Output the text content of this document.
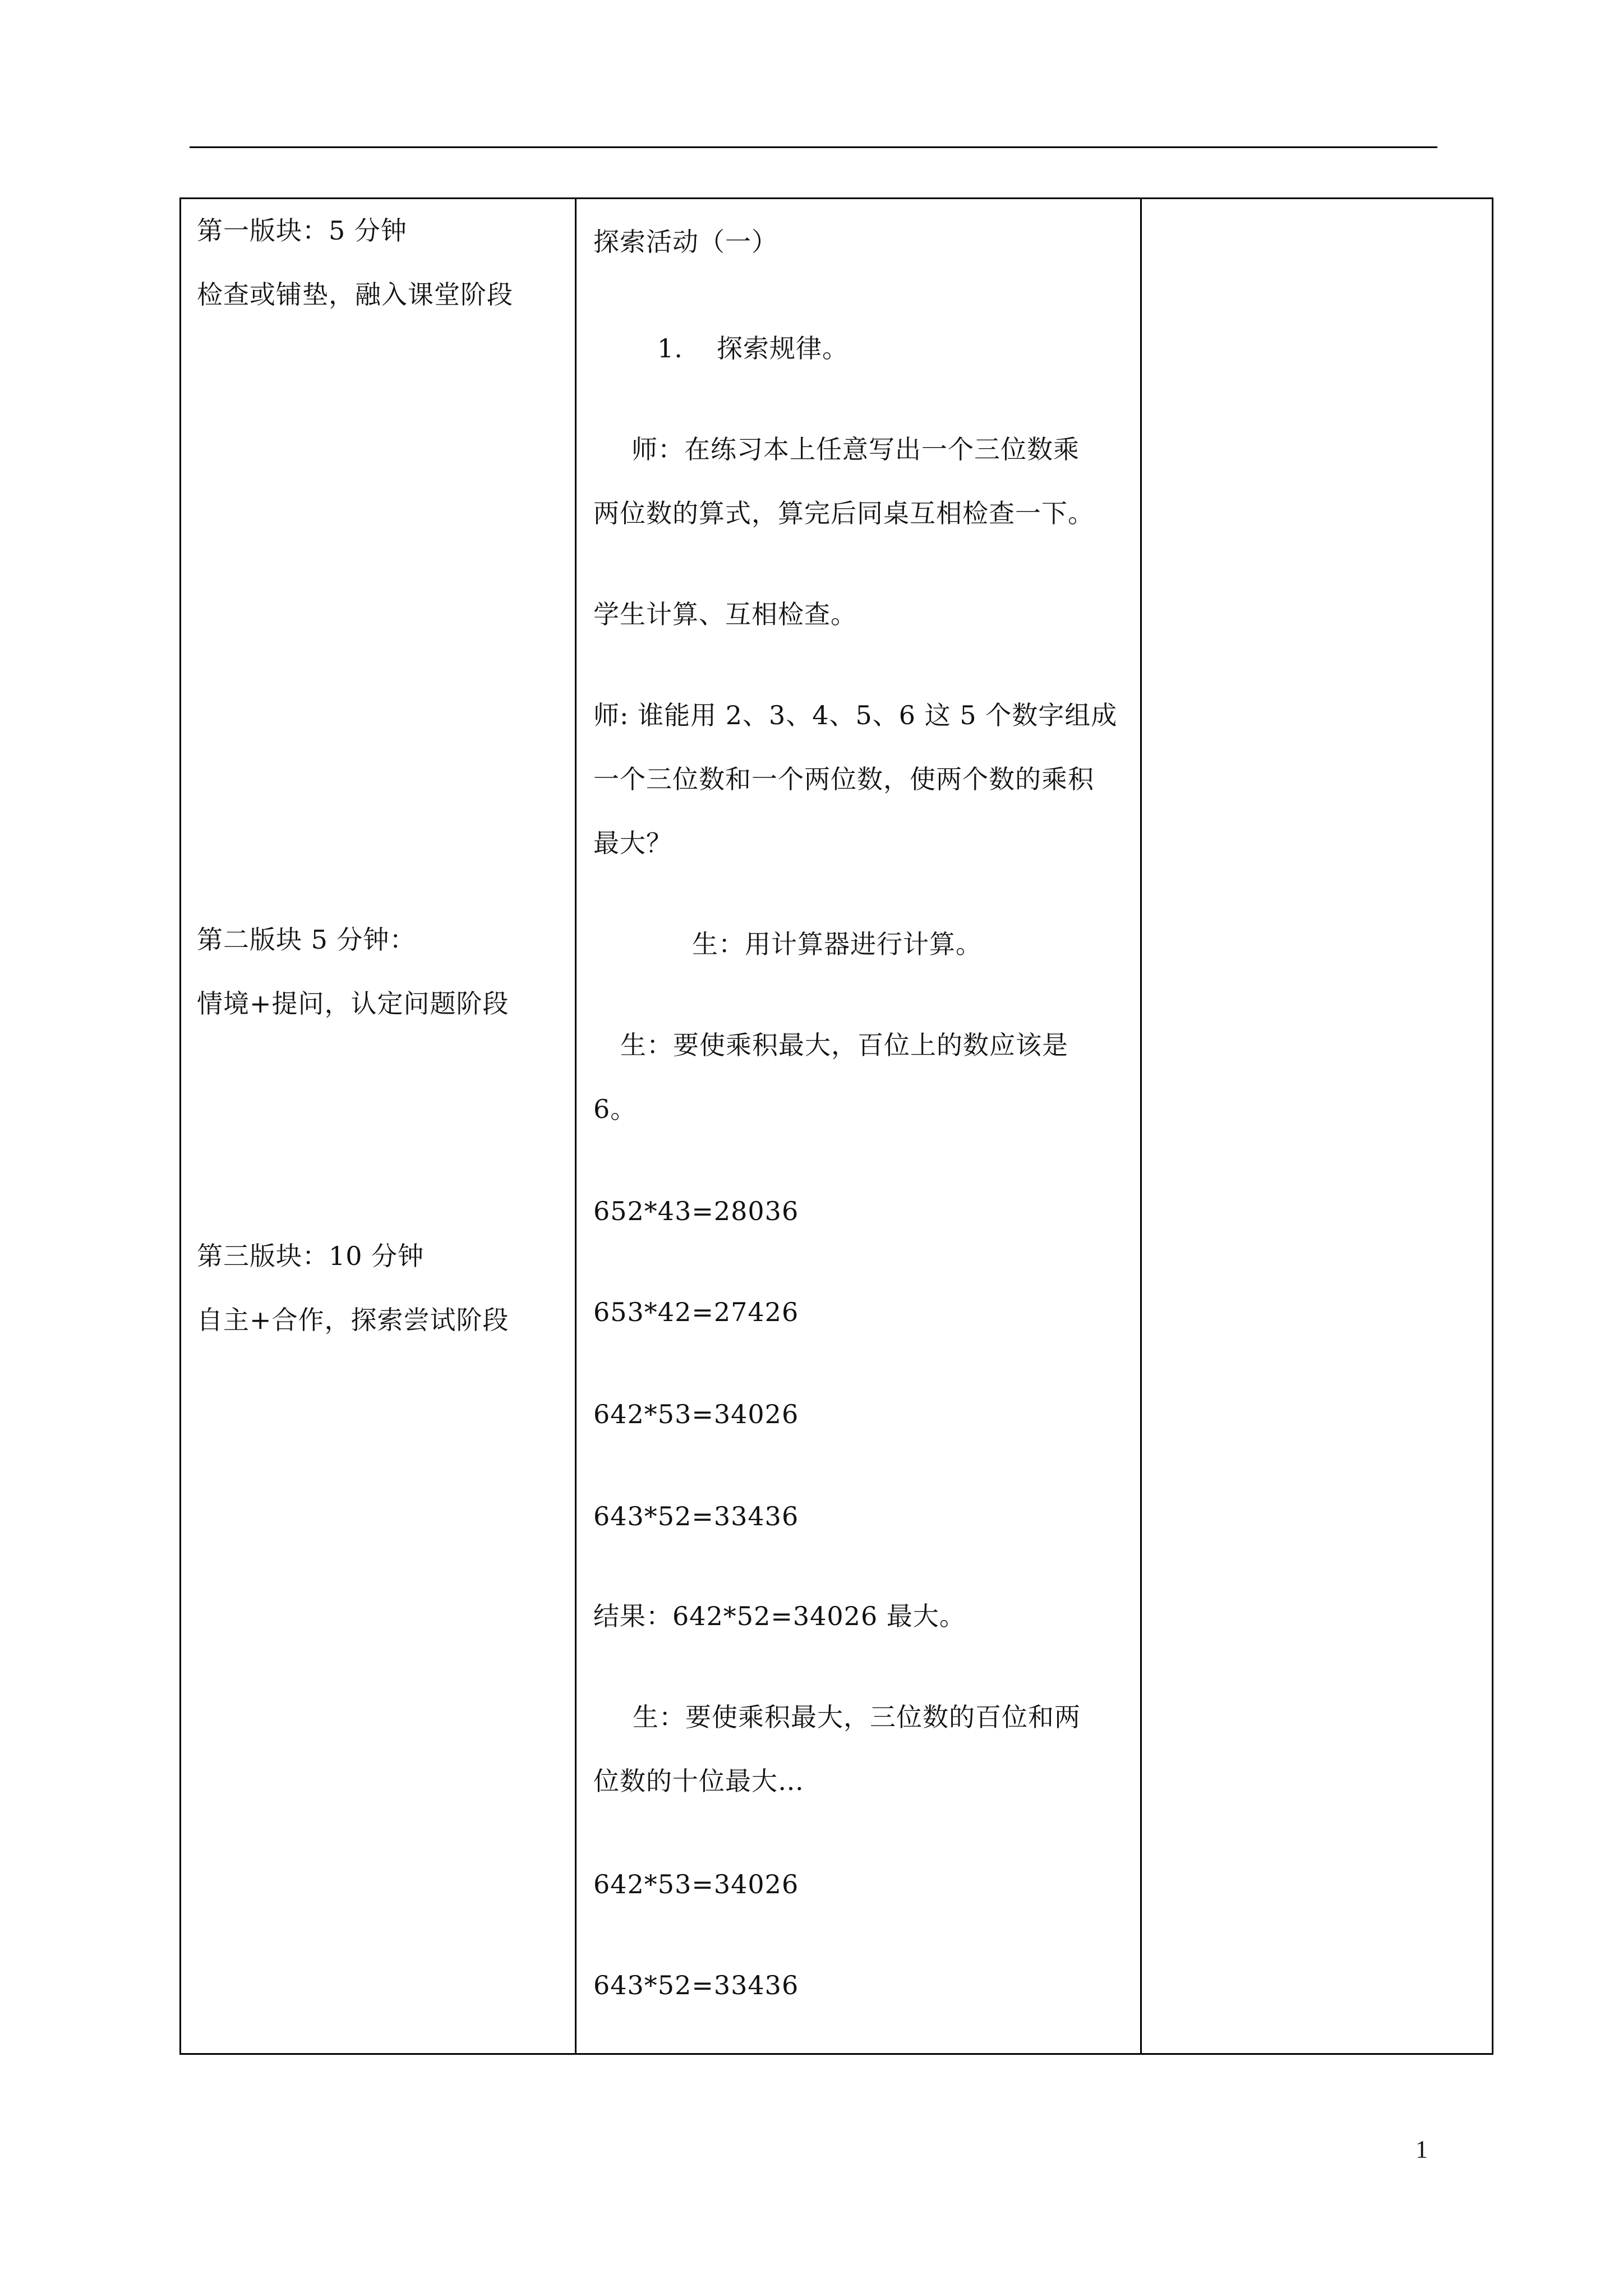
第一版块：5 分钟
检查或铺垫，融入课堂阶段
第二版块 5 分钟：
情境+提问，认定问题阶段
第三版块：10 分钟
自主+合作，探索尝试阶段

探索活动（一）
1. 探索规律。
师：在练习本上任意写出一个三位数乘
两位数的算式，算完后同桌互相检查一下。
学生计算、互相检查。
师: 谁能用 2、3、4、5、6 这 5 个数字组成
一个三位数和一个两位数，使两个数的乘积
最大？
生：用计算器进行计算。
生：要使乘积最大，百位上的数应该是
6。
652*43=28036
653*42=27426
642*53=34026
643*52=33436
结果：642*52=34026 最大。
生：要使乘积最大，三位数的百位和两
位数的十位最大…
642*53=34026
643*52=33436

1
